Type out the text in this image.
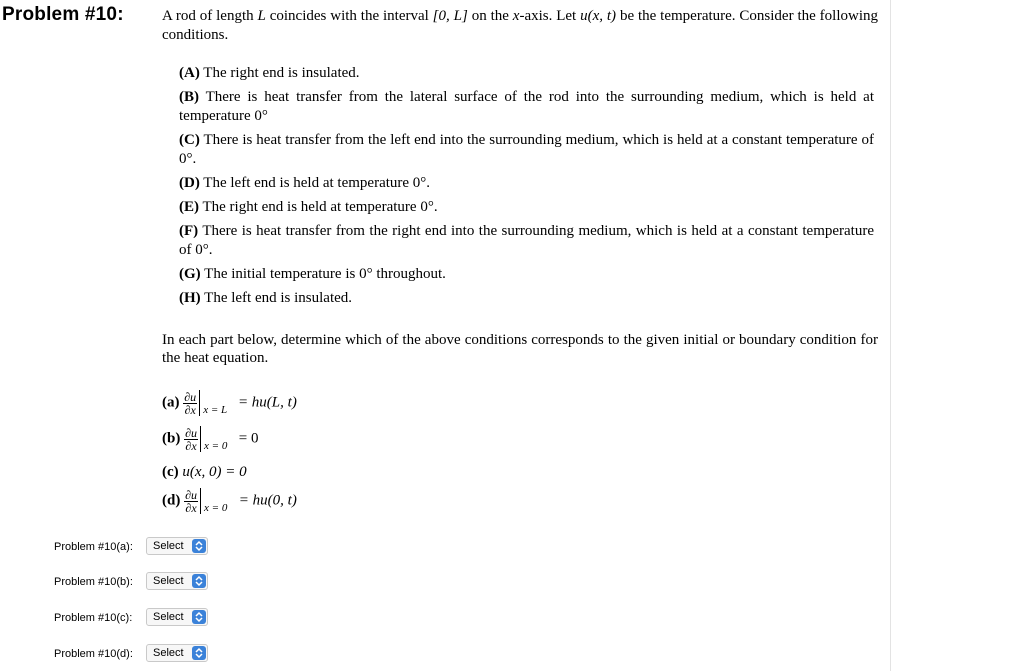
Problem #10:	A rod of length L coincides with the interval [0, L] on the x-axis. Let u(x, t) be the temperature. Consider the following conditions.
(A) The right end is insulated.
(B) There is heat transfer from the lateral surface of the rod into the surrounding medium, which is held at temperature 0°
(C) There is heat transfer from the left end into the surrounding medium, which is held at a constant temperature of 0°.
(D) The left end is held at temperature 0°.
(E) The right end is held at temperature 0°.
(F) There is heat transfer from the right end into the surrounding medium, which is held at a constant temperature of 0°.
(G) The initial temperature is 0° throughout.
(H) The left end is insulated.
In each part below, determine which of the above conditions corresponds to the given initial or boundary condition for the heat equation.
$(a) \frac{\partial u}{\partial x}$ x = L = hu(L, t)
$(b) \frac{\partial u}{\partial x}$ x = 0 = 0
(c) u(x, 0) = 0
$(d) \frac{\partial u}{\partial x}$ x = 0 = hu(0, t)
Problem #10(a): Select
Problem #10(b): Select
Problem #10(c): Select
Problem #10(d): Select
